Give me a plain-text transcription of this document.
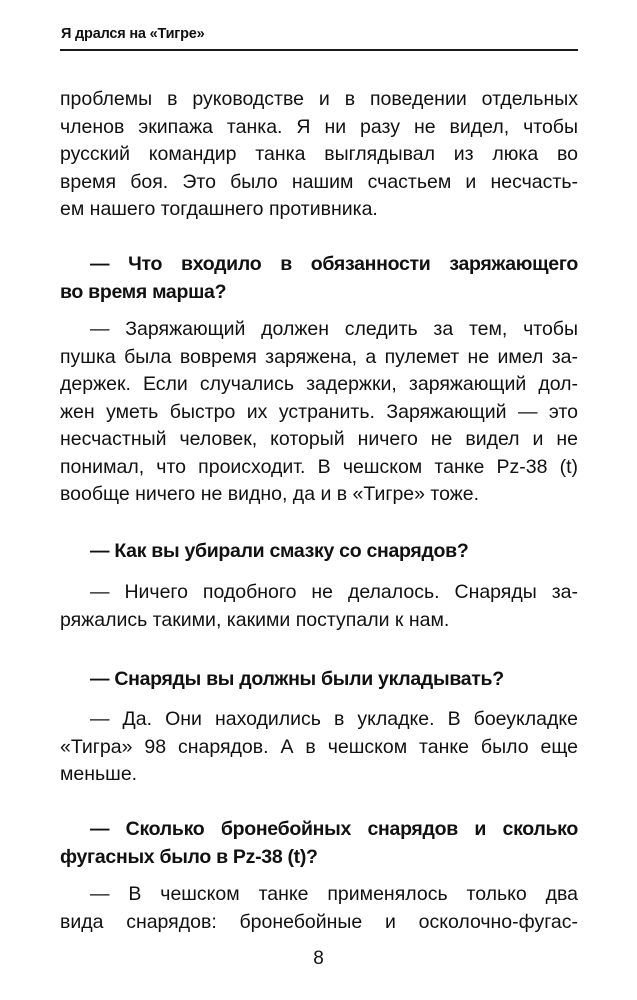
Я дрался на «Тигре»
проблемы в руководстве и в поведении отдельных
членов экипажа танка. Я ни разу не видел, чтобы
русский командир танка выглядывал из люка во
время боя. Это было нашим счастьем и несчасть-
ем нашего тогдашнего противника.
— Что входило в обязанности заряжающего
во время марша?
— Заряжающий должен следить за тем, чтобы
пушка была вовремя заряжена, а пулемет не имел за-
держек. Если случались задержки, заряжающий дол-
жен уметь быстро их устранить. Заряжающий — это
несчастный человек, который ничего не видел и не
понимал, что происходит. В чешском танке Pz-38 (t)
вообще ничего не видно, да и в «Тигре» тоже.
— Как вы убирали смазку со снарядов?
— Ничего подобного не делалось. Снаряды за-
ряжались такими, какими поступали к нам.
— Снаряды вы должны были укладывать?
— Да. Они находились в укладке. В боеукладке
«Тигра» 98 снарядов. А в чешском танке было еще
меньше.
— Сколько бронебойных снарядов и сколько
фугасных было в Pz-38 (t)?
— В чешском танке применялось только два
вида снарядов: бронебойные и осколочно-фугас-
8
